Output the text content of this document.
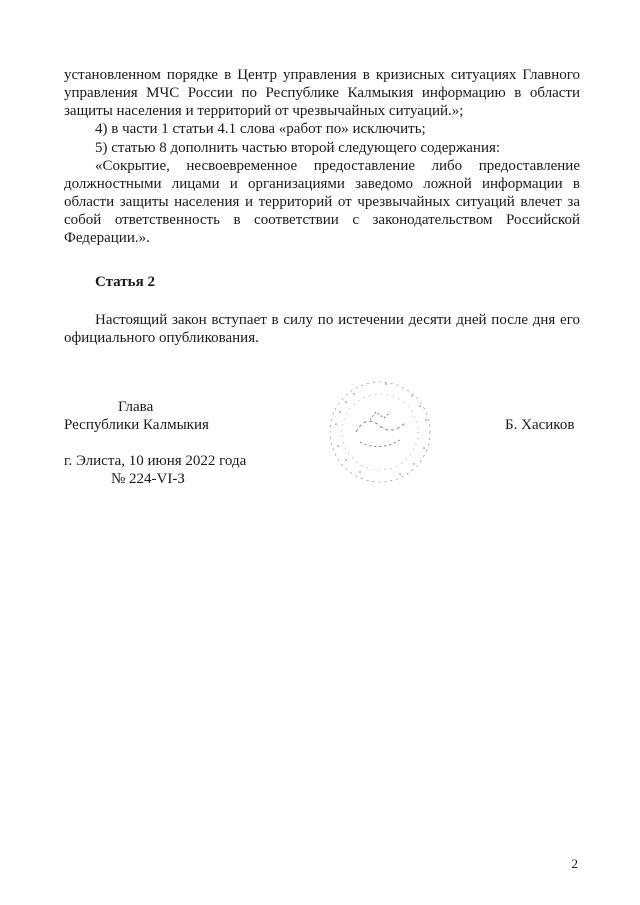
установленном порядке в Центр управления в кризисных ситуациях Главного
управления МЧС России по Республике Калмыкия информацию в области
защиты населения и территорий от чрезвычайных ситуаций.»;
4) в части 1 статьи 4.1 слова «работ по» исключить;
5) статью 8 дополнить частью второй следующего содержания:
«Сокрытие, несвоевременное предоставление либо предоставление
должностными лицами и организациями заведомо ложной информации в
области защиты населения и территорий от чрезвычайных ситуаций влечет за
собой ответственность в соответствии с законодательством Российской
Федерации.».
Статья 2
Настоящий закон вступает в силу по истечении десяти дней после дня его
официального опубликования.
Глава
Республики Калмыкия	Б. Хасиков
г. Элиста, 10 июня 2022 года
№ 224-VI-З
2
